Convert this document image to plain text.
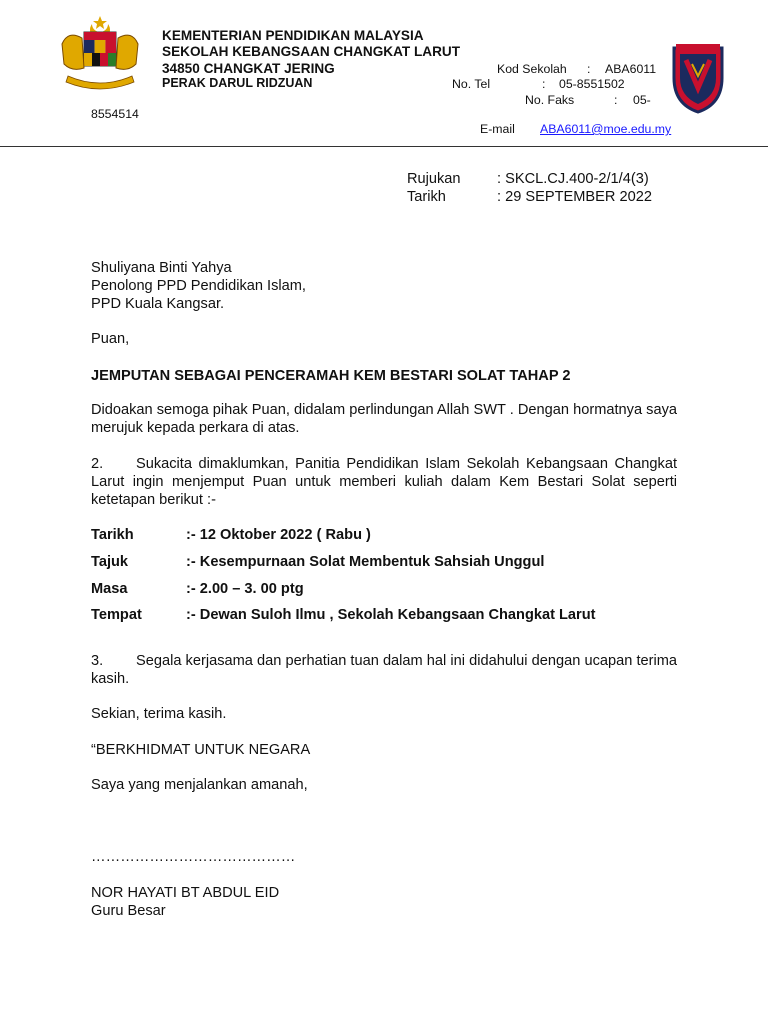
KEMENTERIAN PENDIDIKAN MALAYSIA
SEKOLAH KEBANGSAAN CHANGKAT LARUT
34850 CHANGKAT JERING
PERAK DARUL RIDZUAN
Kod Sekolah : ABA6011
No. Tel	: 05-8551502
No. Faks	: 05-
8554514
E-mail ABA6011@moe.edu.my
Rujukan : SKCL.CJ.400-2/1/4(3)
Tarikh	: 29 SEPTEMBER 2022
Shuliyana Binti Yahya
Penolong PPD Pendidikan Islam,
PPD Kuala Kangsar.
Puan,
JEMPUTAN SEBAGAI PENCERAMAH KEM BESTARI SOLAT TAHAP 2
Didoakan semoga pihak Puan, didalam perlindungan Allah SWT . Dengan hormatnya saya merujuk kepada perkara di atas.
2. Sukacita dimaklumkan, Panitia Pendidikan Islam Sekolah Kebangsaan Changkat Larut ingin menjemput Puan untuk memberi kuliah dalam Kem Bestari Solat seperti ketetapan berikut :-
Tarikh	:- 12 Oktober 2022 ( Rabu )
Tajuk	:- Kesempurnaan Solat Membentuk Sahsiah Unggul
Masa	:- 2.00 – 3. 00 ptg
Tempat	:- Dewan Suloh Ilmu , Sekolah Kebangsaan Changkat Larut
3. Segala kerjasama dan perhatian tuan dalam hal ini didahului dengan ucapan terima kasih.
Sekian, terima kasih.
“BERKHIDMAT UNTUK NEGARA
Saya yang menjalankan amanah,
……………………………………
NOR HAYATI BT ABDUL EID
Guru Besar
